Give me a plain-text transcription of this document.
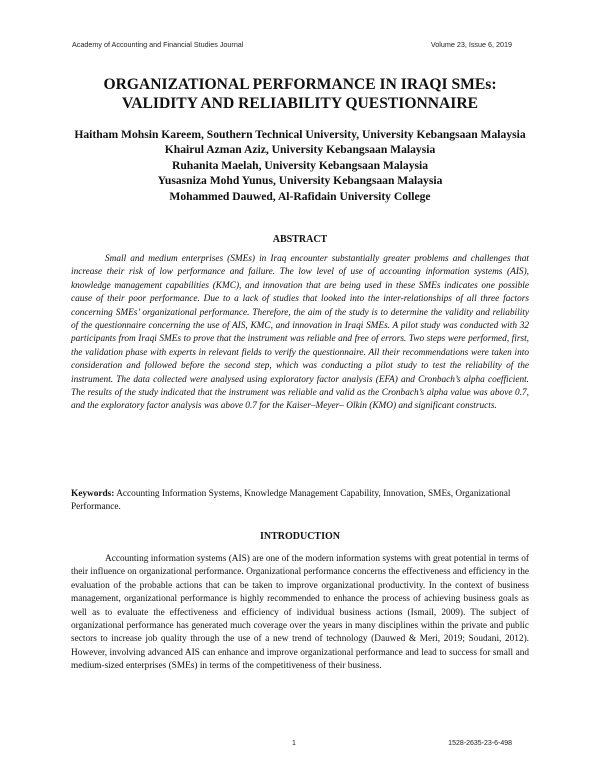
Academy of Accounting and Financial Studies Journal	Volume 23, Issue 6, 2019
ORGANIZATIONAL PERFORMANCE IN IRAQI SMEs:
VALIDITY AND RELIABILITY QUESTIONNAIRE
Haitham Mohsin Kareem, Southern Technical University, University Kebangsaan Malaysia
Khairul Azman Aziz, University Kebangsaan Malaysia
Ruhanita Maelah, University Kebangsaan Malaysia
Yusasniza Mohd Yunus, University Kebangsaan Malaysia
Mohammed Dauwed, Al-Rafidain University College
ABSTRACT

Small and medium enterprises (SMEs) in Iraq encounter substantially greater problems and challenges that increase their risk of low performance and failure. The low level of use of accounting information systems (AIS), knowledge management capabilities (KMC), and innovation that are being used in these SMEs indicates one possible cause of their poor performance. Due to a lack of studies that looked into the inter-relationships of all three factors concerning SMEs’ organizational performance. Therefore, the aim of the study is to determine the validity and reliability of the questionnaire concerning the use of AIS, KMC, and innovation in Iraqi SMEs. A pilot study was conducted with 32 participants from Iraqi SMEs to prove that the instrument was reliable and free of errors. Two steps were performed, first, the validation phase with experts in relevant fields to verify the questionnaire. All their recommendations were taken into consideration and followed before the second step, which was conducting a pilot study to test the reliability of the instrument. The data collected were analysed using exploratory factor analysis (EFA) and Cronbach’s alpha coefficient. The results of the study indicated that the instrument was reliable and valid as the Cronbach’s alpha value was above 0.7, and the exploratory factor analysis was above 0.7 for the Kaiser–Meyer– Olkin (KMO) and significant constructs.

Keywords: Accounting Information Systems, Knowledge Management Capability, Innovation, SMEs, Organizational Performance.

INTRODUCTION

Accounting information systems (AIS) are one of the modern information systems with great potential in terms of their influence on organizational performance. Organizational performance concerns the effectiveness and efficiency in the evaluation of the probable actions that can be taken to improve organizational productivity. In the context of business management, organizational performance is highly recommended to enhance the process of achieving business goals as well as to evaluate the effectiveness and efficiency of individual business actions (Ismail, 2009). The subject of organizational performance has generated much coverage over the years in many disciplines within the private and public sectors to increase job quality through the use of a new trend of technology (Dauwed & Meri, 2019; Soudani, 2012). However, involving advanced AIS can enhance and improve organizational performance and lead to success for small and medium-sized enterprises (SMEs) in terms of the competitiveness of their business.

1	1528-2635-23-6-498
